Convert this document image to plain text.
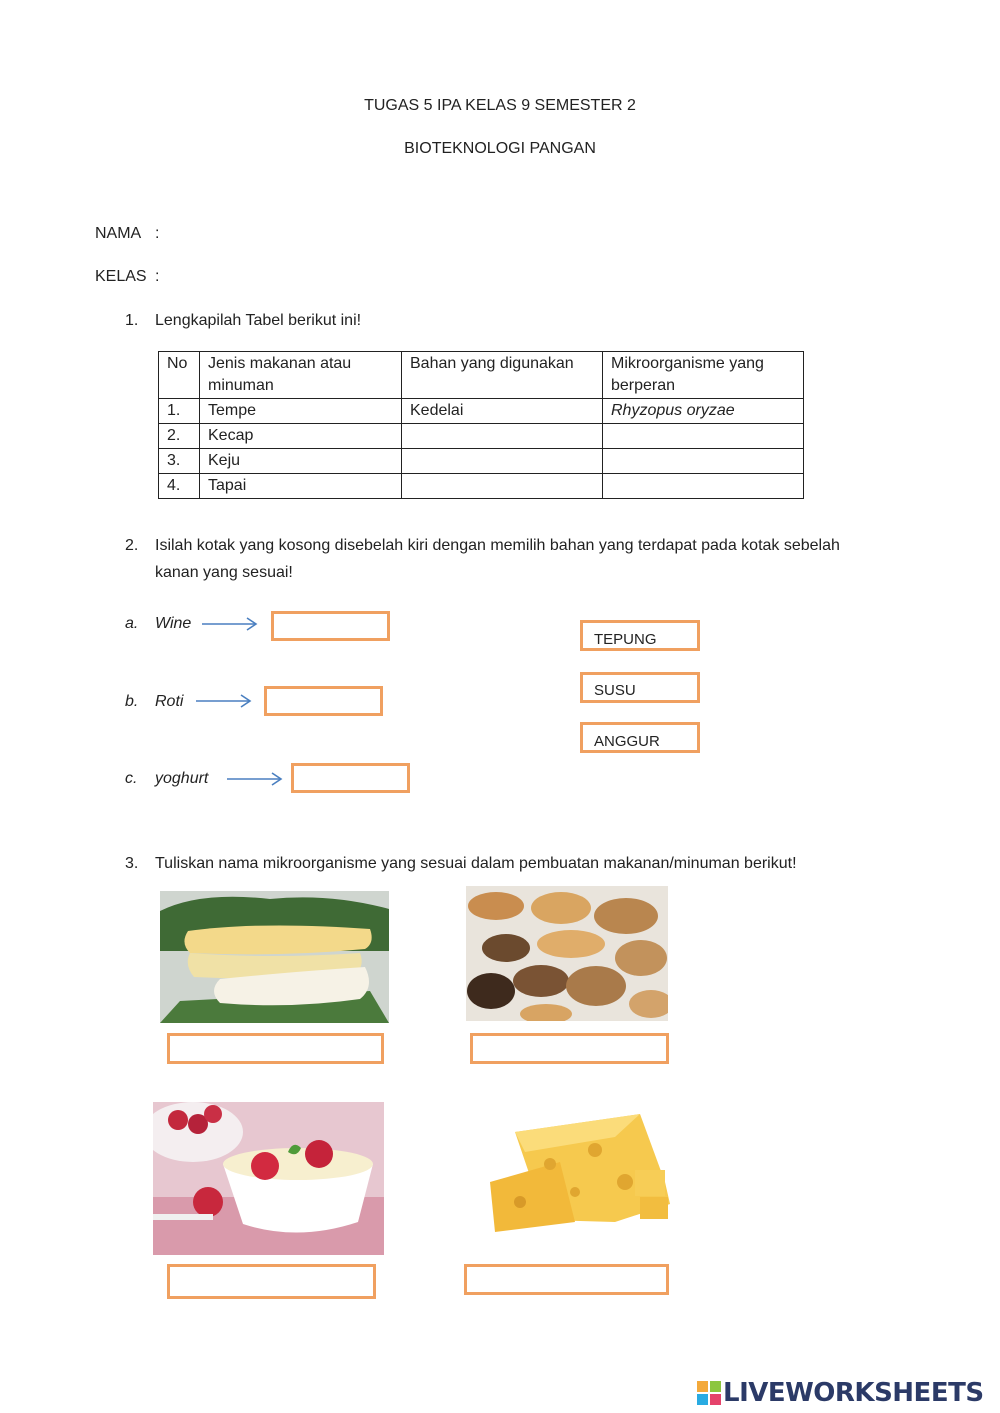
TUGAS 5 IPA KELAS 9 SEMESTER 2
BIOTEKNOLOGI PANGAN
NAMA :
KELAS :
1. Lengkapilah Tabel berikut ini!
No	Jenis makanan atau minuman	Bahan yang digunakan	Mikroorganisme yang berperan
1.	Tempe	Kedelai	Rhyzopus oryzae
2.	Kecap		
3.	Keju		
4.	Tapai		
2. Isilah kotak yang kosong disebelah kiri dengan memilih bahan yang terdapat pada kotak sebelah
kanan yang sesuai!
a. Wine
b. Roti
c. yoghurt
TEPUNG
SUSU
ANGGUR
3. Tuliskan nama mikroorganisme yang sesuai dalam pembuatan makanan/minuman berikut!
LIVEWORKSHEETS
